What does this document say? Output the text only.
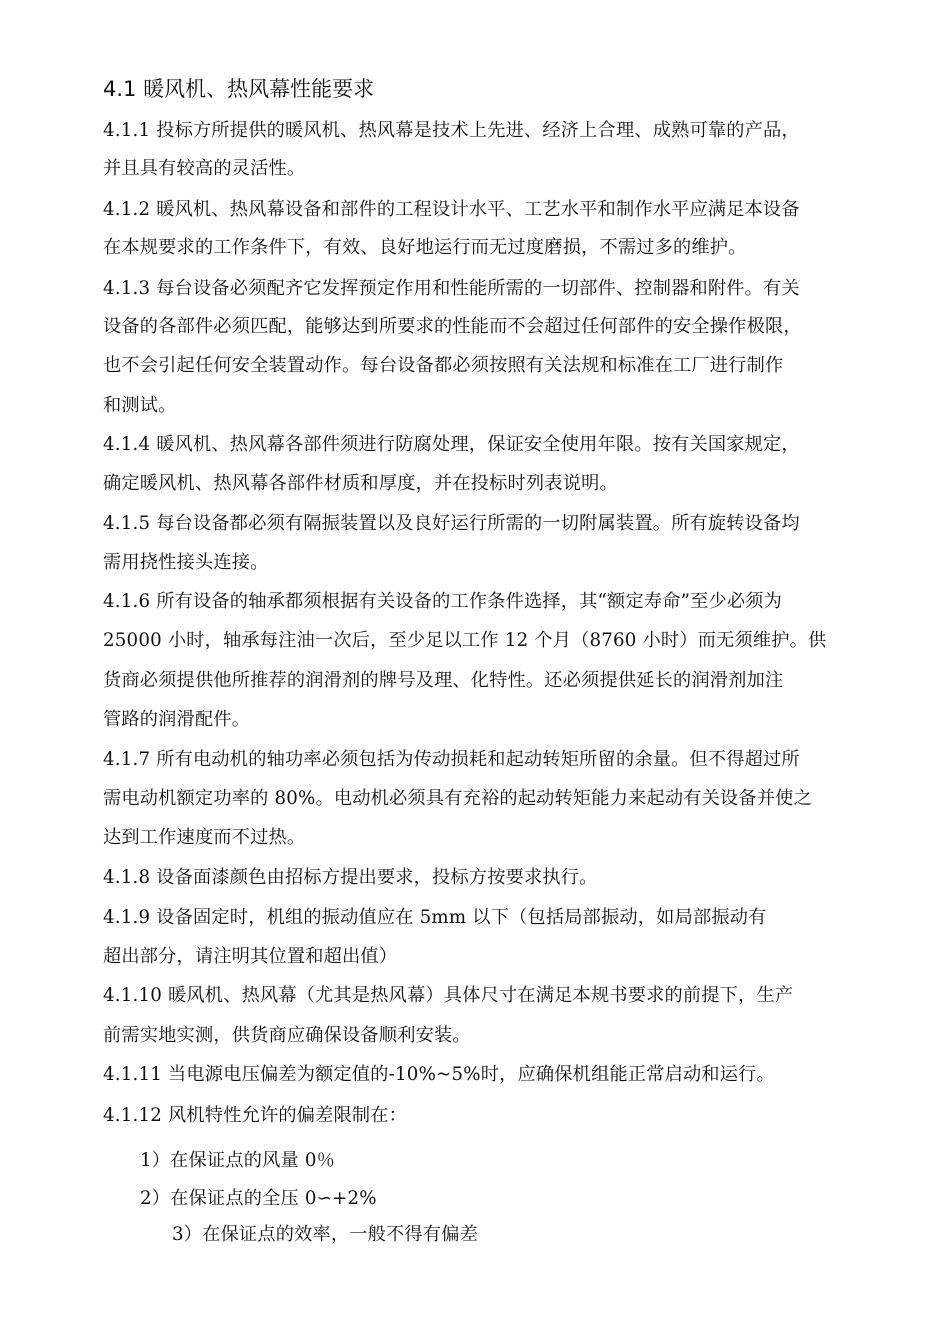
4.1 暖风机、热风幕性能要求
4.1.1 投标方所提供的暖风机、热风幕是技术上先进、经济上合理、成熟可靠的产品，
并且具有较高的灵活性。
4.1.2 暖风机、热风幕设备和部件的工程设计水平、工艺水平和制作水平应满足本设备
在本规要求的工作条件下，有效、良好地运行而无过度磨损，不需过多的维护。
4.1.3 每台设备必须配齐它发挥预定作用和性能所需的一切部件、控制器和附件。有关
设备的各部件必须匹配，能够达到所要求的性能而不会超过任何部件的安全操作极限，
也不会引起任何安全装置动作。每台设备都必须按照有关法规和标准在工厂进行制作
和测试。
4.1.4 暖风机、热风幕各部件须进行防腐处理，保证安全使用年限。按有关国家规定，
确定暖风机、热风幕各部件材质和厚度，并在投标时列表说明。
4.1.5 每台设备都必须有隔振装置以及良好运行所需的一切附属装置。所有旋转设备均
需用挠性接头连接。
4.1.6 所有设备的轴承都须根据有关设备的工作条件选择，其“额定寿命”至少必须为
25000 小时，轴承每注油一次后，至少足以工作 12 个月（8760 小时）而无须维护。供
货商必须提供他所推荐的润滑剂的牌号及理、化特性。还必须提供延长的润滑剂加注
管路的润滑配件。
4.1.7 所有电动机的轴功率必须包括为传动损耗和起动转矩所留的余量。但不得超过所
需电动机额定功率的 80%。电动机必须具有充裕的起动转矩能力来起动有关设备并使之
达到工作速度而不过热。
4.1.8 设备面漆颜色由招标方提出要求，投标方按要求执行。
4.1.9 设备固定时，机组的振动值应在 5mm 以下（包括局部振动，如局部振动有
超出部分，请注明其位置和超出值）
4.1.10 暖风机、热风幕（尤其是热风幕）具体尺寸在满足本规书要求的前提下，生产
前需实地实测，供货商应确保设备顺利安装。
4.1.11 当电源电压偏差为额定值的-10%~5%时，应确保机组能正常启动和运行。
4.1.12 风机特性允许的偏差限制在：
1）在保证点的风量 0％
2）在保证点的全压 0∽+2%
3）在保证点的效率，一般不得有偏差
